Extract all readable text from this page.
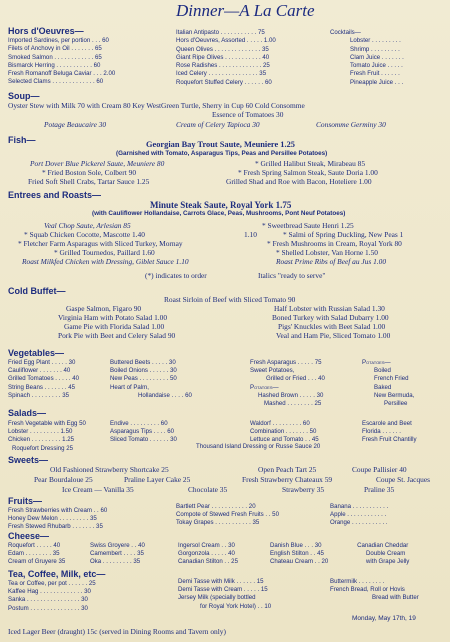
Dinner—A La Carte
Hors d'Oeuvres—
Imported Sardines, per portion . . . 60
Filets of Anchovy in Oil . . . . . . . 65
Smoked Salmon . . . . . . . . . . . . 65
Bismarck Herring . . . . . . . . . . . 60
Fresh Romanoff Beluga Caviar . . . 2.00
Selected Clams . . . . . . . . . . . . . 60
Italian Antipasto . . . . . . . . . . . 75
Hors d'Oeuvres, Assorted . . . . . 1.00
Queen Olives . . . . . . . . . . . . . . 35
Giant Ripe Olives . . . . . . . . . . . 40
Rose Radishes . . . . . . . . . . . . . 25
Iced Celery . . . . . . . . . . . . . . . 35
Roquefort Stuffed Celery . . . . . . 60
Cocktails—
Lobster . . . . . . . . .
Shrimp . . . . . . . . .
Clam Juice . . . . . . .
Tomato Juice . . . . .
Fresh Fruit . . . . . .
Pineapple Juice . . .
Soup—
Oyster Stew with Milk 70 with Cream 80 Key WestGreen Turtle, Sherry in Cup 60 Cold Consomme
Essence of Tomatoes 30
Potage Beaucaire 30	Cream of Celery Tapioca 30	Consomme Germiny 30
Fish—	Georgian Bay Trout Saute, Meuniere 1.25
(Garnished with Tomato, Asparagus Tips, Peas and Persillee Potatoes)
Port Dover Blue Pickerel Saute, Meuniere 80	* Grilled Halibut Steak, Mirabeau 85
* Fried Boston Sole, Colbert 90	* Fresh Spring Salmon Steak, Saute Doria 1.00
Fried Soft Shell Crabs, Tartar Sauce 1.25	Grilled Shad and Roe with Bacon, Hoteliere 1.00
Entrees and Roasts—
Minute Steak Saute, Royal York 1.75
(with Cauliflower Hollandaise, Carrots Glace, Peas, Mushrooms, Pont Neuf Potatoes)
Veal Chop Saute, Arlesian 85	* Sweetbread Saute Henri 1.25
* Squab Chicken Cocotte, Mascotte 1.40	1.10	* Salmi of Spring Duckling, New Peas 1
* Fletcher Farm Asparagus with Sliced Turkey, Mornay	* Fresh Mushrooms in Cream, Royal York 80
* Grilled Tournedos, Paillard 1.60	* Shelled Lobster, Van Horne 1.50
Roast Milkfed Chicken with Dressing, Giblet Sauce 1.10	Roast Prime Ribs of Beef au Jus 1.00
(*) indicates to order	Italics "ready to serve"
Cold Buffet—
Roast Sirloin of Beef with Sliced Tomato 90
Gaspe Salmon, Figaro 90	Half Lobster with Russian Salad 1.30
Virginia Ham with Potato Salad 1.00	Boned Turkey with Salad Dubarry 1.00
Game Pie with Florida Salad 1.00	Pigs' Knuckles with Beet Salad 1.00
Pork Pie with Beet and Celery Salad 90	Veal and Ham Pie, Sliced Tomato 1.00
Vegetables—
Fried Egg Plant . . . . . 30
Cauliflower . . . . . . . 40
Grilled Tomatoes . . . . . 40
String Beans . . . . . . . 45
Spinach . . . . . . . . . 35
Buttered Beets . . . . . 30
Boiled Onions . . . . . . 30
New Peas . . . . . . . . . 50
Heart of Palm,
Hollandaise . . . . 60
Fresh Asparagus . . . . . 75
Sweet Potatoes,
Grilled or Fried . . . 40
Potatoes—
Hashed Brown . . . . . 30
Mashed . . . . . . . . 25
Potatoes—
Boiled
French Fried
Baked
New Bermuda,
Persillee
Salads—
Fresh Vegetable with Egg 50
Lobster . . . . . . . . . 1.50
Chicken . . . . . . . . . 1.25
Roquefort Dressing 25
Endive . . . . . . . . . 60
Asparagus Tips . . . . 60
Sliced Tomato . . . . . . 30
Waldorf . . . . . . . . . 60
Combination . . . . . . . 50
Lettuce and Tomato . . 45
Thousand Island Dressing or Russe Sauce 20
Escarole and Beet
Florida . . . . . .
Fresh Fruit Chantilly
Sweets—
Old Fashioned Strawberry Shortcake 25	Open Peach Tart 25	Coupe Pallisier 40
Pear Bourdaloue 25	Praline Layer Cake 25	Fresh Strawberry Chateaux 59	Coupe St. Jacques
Ice Cream — Vanilla 35	Chocolate 35	Strawberry 35	Praline 35
Fruits—
Fresh Strawberries with Cream . . 60
Honey Dew Melon . . . . . . . . . 35
Fresh Stewed Rhubarb . . . . . . . 35
Bartlett Pear . . . . . . . . . . . 20
Compote of Stewed Fresh Fruits . . 50
Tokay Grapes . . . . . . . . . . . 35
Banana . . . . . . . . . . .
Apple . . . . . . . . . . . .
Orange . . . . . . . . . . .
Cheese—
Roquefort . . . . . 40
Edam . . . . . . . . 35
Cream of Gruyere 35
Swiss Groyere . . 40
Camembert . . . . 35
Oka . . . . . . . . . 35
Ingersol Cream . . 30
Gorgonzola . . . . . 40
Canadian Stilton . . 25
Danish Blue . . . 30
English Stilton . . 45
Chateau Cream . . 20
Canadian Cheddar
Double Cream
with Grape Jelly
Tea, Coffee, Milk, etc—
Tea or Coffee, per pot . . . . . . 25
Kaffee Hag . . . . . . . . . . . . . 30
Sanka . . . . . . . . . . . . . . . . 30
Postum . . . . . . . . . . . . . . . 30
Demi Tasse with Milk . . . . . . 15
Demi Tasse with Cream . . . . . 15
Jersey Milk (specially bottled
for Royal York Hotel) . . 10
Buttermilk . . . . . . . .
French Bread, Roll or Hovis
Bread with Butter
Monday, May 17th, 19
Iced Lager Beer (draught) 15c (served in Dining Rooms and Tavern only)
